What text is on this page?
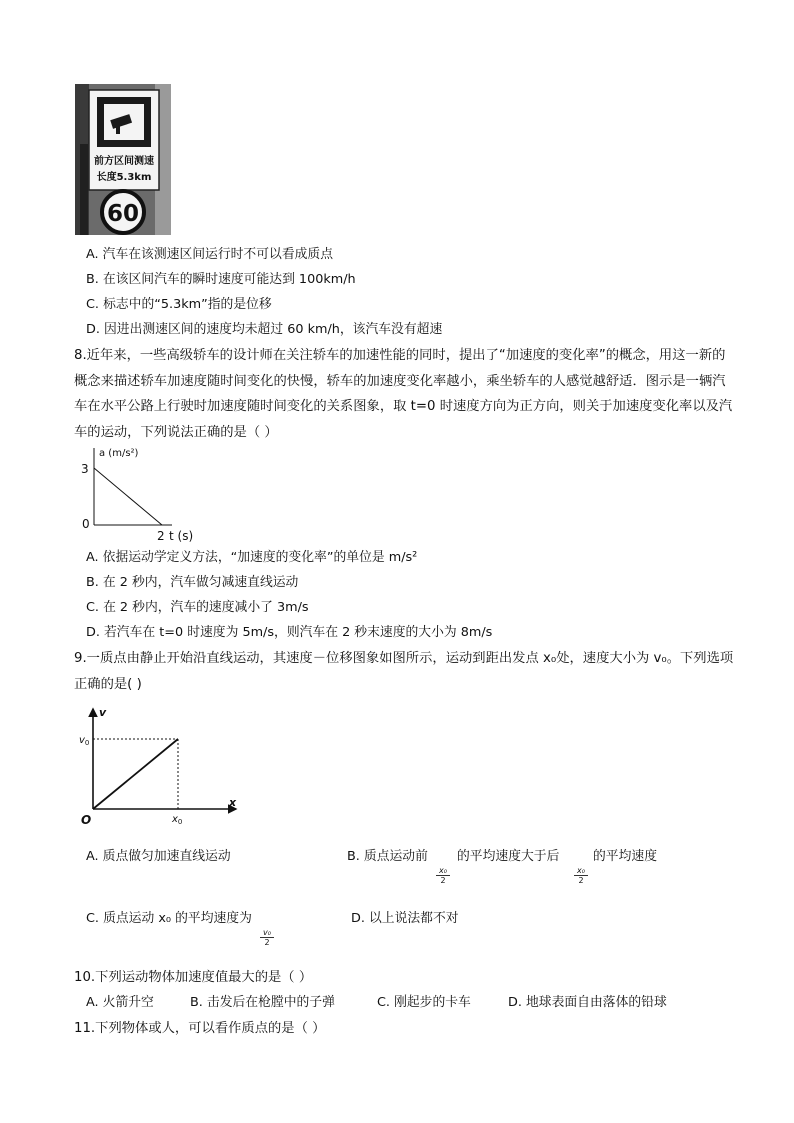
前方区间测速
长度5.3km
60
A. 汽车在该测速区间运行时不可以看成质点
B. 在该区间汽车的瞬时速度可能达到 100km/h
C. 标志中的“5.3km”指的是位移
D. 因进出测速区间的速度均未超过 60 km/h，该汽车没有超速
8.近年来，一些高级轿车的设计师在关注轿车的加速性能的同时，提出了“加速度的变化率”的概念，用这一新的概念来描述轿车加速度随时间变化的快慢，轿车的加速度变化率越小，乘坐轿车的人感觉越舒适．图示是一辆汽车在水平公路上行驶时加速度随时间变化的关系图象，取 t=0 时速度方向为正方向，则关于加速度变化率以及汽车的运动，下列说法正确的是（ ）
a (m/s²)
3
0
2 t (s)
A. 依据运动学定义方法，“加速度的变化率”的单位是 m/s²
B. 在 2 秒内，汽车做匀减速直线运动
C. 在 2 秒内，汽车的速度减小了 3m/s
D. 若汽车在 t=0 时速度为 5m/s，则汽车在 2 秒末速度的大小为 8m/s
9.一质点由静止开始沿直线运动，其速度－位移图象如图所示，运动到距出发点 x₀处，速度大小为 v₀。下列选项正确的是( )
v
x
O
$v_0$
$x_0$
A. 质点做匀加速直线运动	B. 质点运动前 的平均速度大于后	的平均速度
$\frac{\text{x₀}}{2}$	$\frac{\text{x₀}}{2}$
C. 质点运动 x₀ 的平均速度为
$\frac{\text{v₀}}{2}$
D. 以上说法都不对
10.下列运动物体加速度值最大的是（ ）
A. 火箭升空	B. 击发后在枪膛中的子弹	C. 刚起步的卡车	D. 地球表面自由落体的铅球
11.下列物体或人，可以看作质点的是（ ）
